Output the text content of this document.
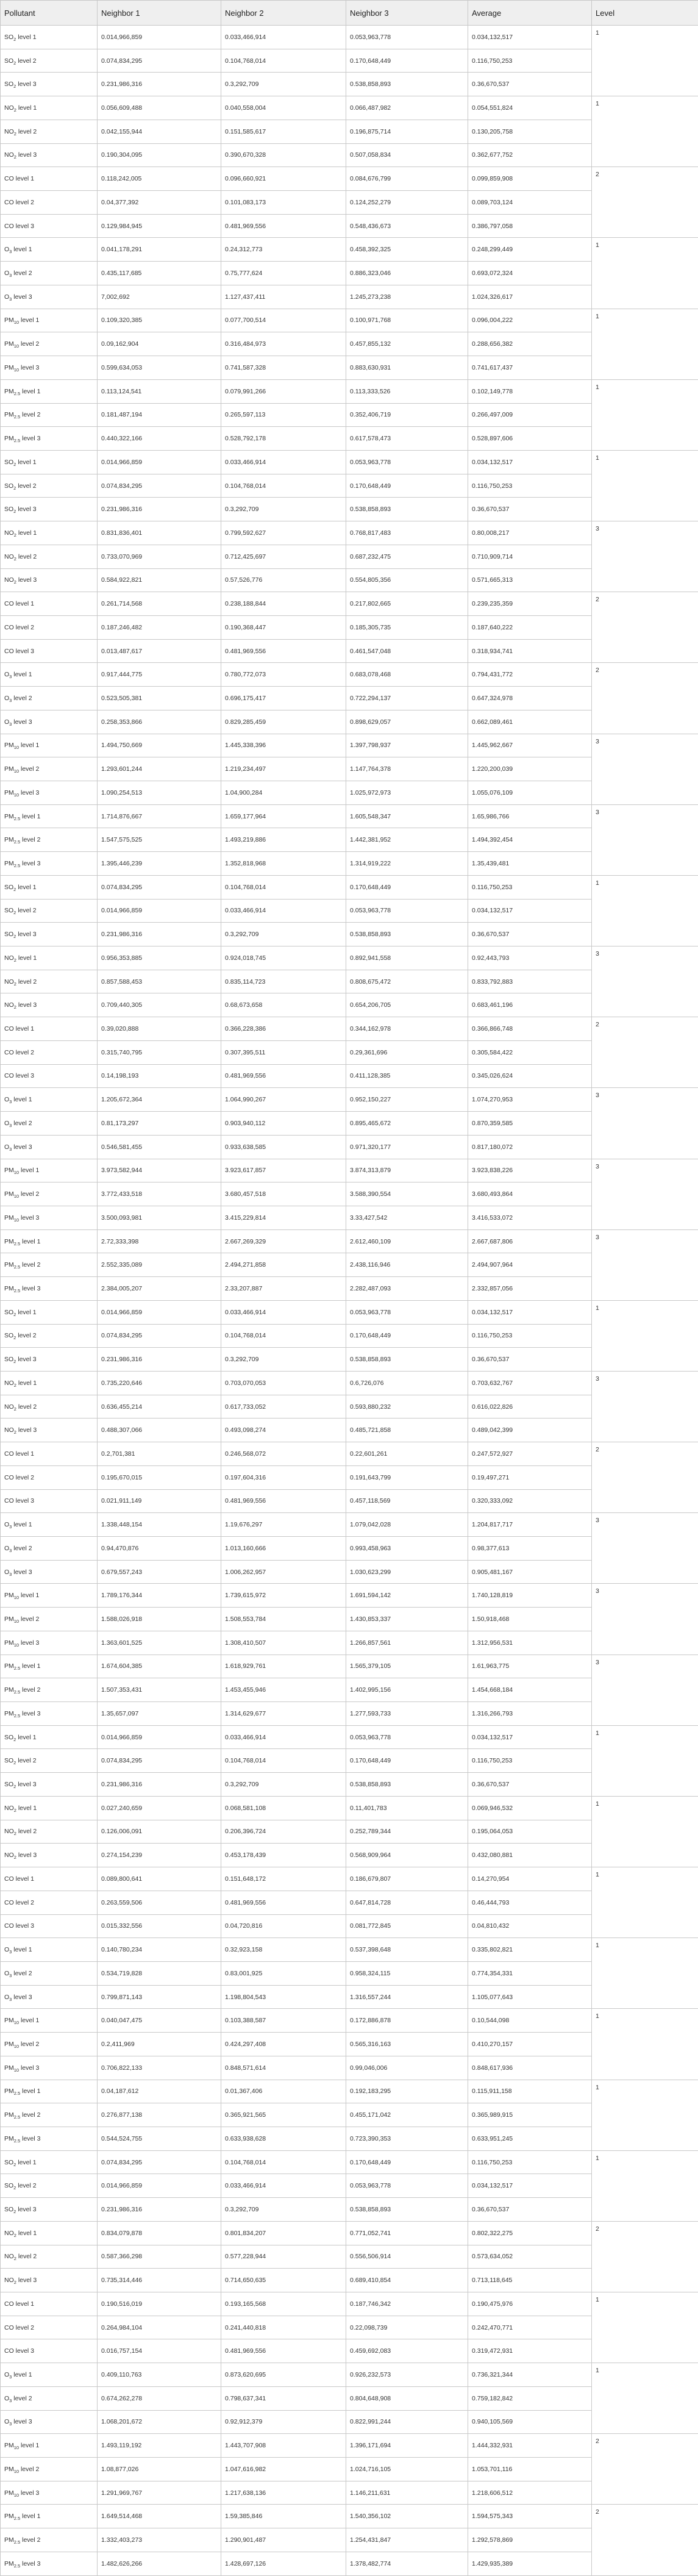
Pollutant	Neighbor 1	Neighbor 2	Neighbor 3	Average	Level
$SO_2$ level 1	0.014,966,859	0.033,466,914	0.053,963,778	0.034,132,517	1
$SO_2$ level 2	0.074,834,295	0.104,768,014	0.170,648,449	0.116,750,253	
$SO_2$ level 3	0.231,986,316	0.3,292,709	0.538,858,893	0.36,670,537	
$NO_2$ level 1	0.056,609,488	0.040,558,004	0.066,487,982	0.054,551,824	1
$NO_2$ level 2	0.042,155,944	0.151,585,617	0.196,875,714	0.130,205,758	
$NO_2$ level 3	0.190,304,095	0.390,670,328	0.507,058,834	0.362,677,752	
CO level 1	0.118,242,005	0.096,660,921	0.084,676,799	0.099,859,908	2
CO level 2	0.04,377,392	0.101,083,173	0.124,252,279	0.089,703,124	
CO level 3	0.129,984,945	0.481,969,556	0.548,436,673	0.386,797,058	
$O_3$ level 1	0.041,178,291	0.24,312,773	0.458,392,325	0.248,299,449	1
$O_3$ level 2	0.435,117,685	0.75,777,624	0.886,323,046	0.693,072,324	
$O_3$ level 3	7,002,692	1.127,437,411	1.245,273,238	1.024,326,617	
$PM_{10}$ level 1	0.109,320,385	0.077,700,514	0.100,971,768	0.096,004,222	1
$PM_{10}$ level 2	0.09,162,904	0.316,484,973	0.457,855,132	0.288,656,382	
$PM_{10}$ level 3	0.599,634,053	0.741,587,328	0.883,630,931	0.741,617,437	
$PM_{2.5}$ level 1	0.113,124,541	0.079,991,266	0.113,333,526	0.102,149,778	1
$PM_{2.5}$ level 2	0.181,487,194	0.265,597,113	0.352,406,719	0.266,497,009	
$PM_{2.5}$ level 3	0.440,322,166	0.528,792,178	0.617,578,473	0.528,897,606	
$SO_2$ level 1	0.014,966,859	0.033,466,914	0.053,963,778	0.034,132,517	1
$SO_2$ level 2	0.074,834,295	0.104,768,014	0.170,648,449	0.116,750,253	
$SO_2$ level 3	0.231,986,316	0.3,292,709	0.538,858,893	0.36,670,537	
$NO_2$ level 1	0.831,836,401	0.799,592,627	0.768,817,483	0.80,008,217	3
$NO_2$ level 2	0.733,070,969	0.712,425,697	0.687,232,475	0.710,909,714	
$NO_2$ level 3	0.584,922,821	0.57,526,776	0.554,805,356	0.571,665,313	
CO level 1	0.261,714,568	0.238,188,844	0.217,802,665	0.239,235,359	2
CO level 2	0.187,246,482	0.190,368,447	0.185,305,735	0.187,640,222	
CO level 3	0.013,487,617	0.481,969,556	0.461,547,048	0.318,934,741	
$O_3$ level 1	0.917,444,775	0.780,772,073	0.683,078,468	0.794,431,772	2
$O_3$ level 2	0.523,505,381	0.696,175,417	0.722,294,137	0.647,324,978	
$O_3$ level 3	0.258,353,866	0.829,285,459	0.898,629,057	0.662,089,461	
$PM_{10}$ level 1	1.494,750,669	1.445,338,396	1.397,798,937	1.445,962,667	3
$PM_{10}$ level 2	1.293,601,244	1.219,234,497	1.147,764,378	1.220,200,039	
$PM_{10}$ level 3	1.090,254,513	1.04,900,284	1.025,972,973	1.055,076,109	
$PM_{2.5}$ level 1	1.714,876,667	1.659,177,964	1.605,548,347	1.65,986,766	3
$PM_{2.5}$ level 2	1.547,575,525	1.493,219,886	1.442,381,952	1.494,392,454	
$PM_{2.5}$ level 3	1.395,446,239	1.352,818,968	1.314,919,222	1.35,439,481	
$SO_2$ level 1	0.074,834,295	0.104,768,014	0.170,648,449	0.116,750,253	1
$SO_2$ level 2	0.014,966,859	0.033,466,914	0.053,963,778	0.034,132,517	
$SO_2$ level 3	0.231,986,316	0.3,292,709	0.538,858,893	0.36,670,537	
$NO_2$ level 1	0.956,353,885	0.924,018,745	0.892,941,558	0.92,443,793	3
$NO_2$ level 2	0.857,588,453	0.835,114,723	0.808,675,472	0.833,792,883	
$NO_2$ level 3	0.709,440,305	0.68,673,658	0.654,206,705	0.683,461,196	
CO level 1	0.39,020,888	0.366,228,386	0.344,162,978	0.366,866,748	2
CO level 2	0.315,740,795	0.307,395,511	0.29,361,696	0.305,584,422	
CO level 3	0.14,198,193	0.481,969,556	0.411,128,385	0.345,026,624	
$O_3$ level 1	1.205,672,364	1.064,990,267	0.952,150,227	1.074,270,953	3
$O_3$ level 2	0.81,173,297	0.903,940,112	0.895,465,672	0.870,359,585	
$O_3$ level 3	0.546,581,455	0.933,638,585	0.971,320,177	0.817,180,072	
$PM_{10}$ level 1	3.973,582,944	3.923,617,857	3.874,313,879	3.923,838,226	3
$PM_{10}$ level 2	3.772,433,518	3.680,457,518	3.588,390,554	3.680,493,864	
$PM_{10}$ level 3	3.500,093,981	3.415,229,814	3.33,427,542	3.416,533,072	
$PM_{2.5}$ level 1	2.72,333,398	2.667,269,329	2.612,460,109	2.667,687,806	3
$PM_{2.5}$ level 2	2.552,335,089	2.494,271,858	2.438,116,946	2.494,907,964	
$PM_{2.5}$ level 3	2.384,005,207	2.33,207,887	2.282,487,093	2.332,857,056	
$SO_2$ level 1	0.014,966,859	0.033,466,914	0.053,963,778	0.034,132,517	1
$SO_2$ level 2	0.074,834,295	0.104,768,014	0.170,648,449	0.116,750,253	
$SO_2$ level 3	0.231,986,316	0.3,292,709	0.538,858,893	0.36,670,537	
$NO_2$ level 1	0.735,220,646	0.703,070,053	0.6,726,076	0.703,632,767	3
$NO_2$ level 2	0.636,455,214	0.617,733,052	0.593,880,232	0.616,022,826	
$NO_2$ level 3	0.488,307,066	0.493,098,274	0.485,721,858	0.489,042,399	
CO level 1	0.2,701,381	0.246,568,072	0.22,601,261	0.247,572,927	2
CO level 2	0.195,670,015	0.197,604,316	0.191,643,799	0.19,497,271	
CO level 3	0.021,911,149	0.481,969,556	0.457,118,569	0.320,333,092	
$O_3$ level 1	1.338,448,154	1.19,676,297	1.079,042,028	1.204,817,717	3
$O_3$ level 2	0.94,470,876	1.013,160,666	0.993,458,963	0.98,377,613	
$O_3$ level 3	0.679,557,243	1.006,262,957	1.030,623,299	0.905,481,167	
$PM_{10}$ level 1	1.789,176,344	1.739,615,972	1.691,594,142	1.740,128,819	3
$PM_{10}$ level 2	1.588,026,918	1.508,553,784	1.430,853,337	1.50,918,468	
$PM_{10}$ level 3	1.363,601,525	1.308,410,507	1.266,857,561	1.312,956,531	
$PM_{2.5}$ level 1	1.674,604,385	1.618,929,761	1.565,379,105	1.61,963,775	3
$PM_{2.5}$ level 2	1.507,353,431	1.453,455,946	1.402,995,156	1.454,668,184	
$PM_{2.5}$ level 3	1.35,657,097	1.314,629,677	1.277,593,733	1.316,266,793	
$SO_2$ level 1	0.014,966,859	0.033,466,914	0.053,963,778	0.034,132,517	1
$SO_2$ level 2	0.074,834,295	0.104,768,014	0.170,648,449	0.116,750,253	
$SO_2$ level 3	0.231,986,316	0.3,292,709	0.538,858,893	0.36,670,537	
$NO_2$ level 1	0.027,240,659	0.068,581,108	0.11,401,783	0.069,946,532	1
$NO_2$ level 2	0.126,006,091	0.206,396,724	0.252,789,344	0.195,064,053	
$NO_2$ level 3	0.274,154,239	0.453,178,439	0.568,909,964	0.432,080,881	
CO level 1	0.089,800,641	0.151,648,172	0.186,679,807	0.14,270,954	1
CO level 2	0.263,559,506	0.481,969,556	0.647,814,728	0.46,444,793	
CO level 3	0.015,332,556	0.04,720,816	0.081,772,845	0.04,810,432	
$O_3$ level 1	0.140,780,234	0.32,923,158	0.537,398,648	0.335,802,821	1
$O_3$ level 2	0.534,719,828	0.83,001,925	0.958,324,115	0.774,354,331	
$O_3$ level 3	0.799,871,143	1.198,804,543	1.316,557,244	1.105,077,643	
$PM_{10}$ level 1	0.040,047,475	0.103,388,587	0.172,886,878	0.10,544,098	1
$PM_{10}$ level 2	0.2,411,969	0.424,297,408	0.565,316,163	0.410,270,157	
$PM_{10}$ level 3	0.706,822,133	0.848,571,614	0.99,046,006	0.848,617,936	
$PM_{2.5}$ level 1	0.04,187,612	0.01,367,406	0.192,183,295	0.115,911,158	1
$PM_{2.5}$ level 2	0.276,877,138	0.365,921,565	0.455,171,042	0.365,989,915	
$PM_{2.5}$ level 3	0.544,524,755	0.633,938,628	0.723,390,353	0.633,951,245	
$SO_2$ level 1	0.074,834,295	0.104,768,014	0.170,648,449	0.116,750,253	1
$SO_2$ level 2	0.014,966,859	0.033,466,914	0.053,963,778	0.034,132,517	
$SO_2$ level 3	0.231,986,316	0.3,292,709	0.538,858,893	0.36,670,537	
$NO_2$ level 1	0.834,079,878	0.801,834,207	0.771,052,741	0.802,322,275	2
$NO_2$ level 2	0.587,366,298	0.577,228,944	0.556,506,914	0.573,634,052	
$NO_2$ level 3	0.735,314,446	0.714,650,635	0.689,410,854	0.713,118,645	
CO level 1	0.190,516,019	0.193,165,568	0.187,746,342	0.190,475,976	1
CO level 2	0.264,984,104	0.241,440,818	0.22,098,739	0.242,470,771	
CO level 3	0.016,757,154	0.481,969,556	0.459,692,083	0.319,472,931	
$O_3$ level 1	0.409,110,763	0.873,620,695	0.926,232,573	0.736,321,344	1
$O_3$ level 2	0.674,262,278	0.798,637,341	0.804,648,908	0.759,182,842	
$O_3$ level 3	1.068,201,672	0.92,912,379	0.822,991,244	0.940,105,569	
$PM_{10}$ level 1	1.493,119,192	1.443,707,908	1.396,171,694	1.444,332,931	2
$PM_{10}$ level 2	1.08,877,026	1.047,616,982	1.024,716,105	1.053,701,116	
$PM_{10}$ level 3	1.291,969,767	1.217,638,136	1.146,211,631	1.218,606,512	
$PM_{2.5}$ level 1	1.649,514,468	1.59,385,846	1.540,356,102	1.594,575,343	2
$PM_{2.5}$ level 2	1.332,403,273	1.290,901,487	1.254,431,847	1.292,578,869	
$PM_{2.5}$ level 3	1.482,626,266	1.428,697,126	1.378,482,774	1.429,935,389	
